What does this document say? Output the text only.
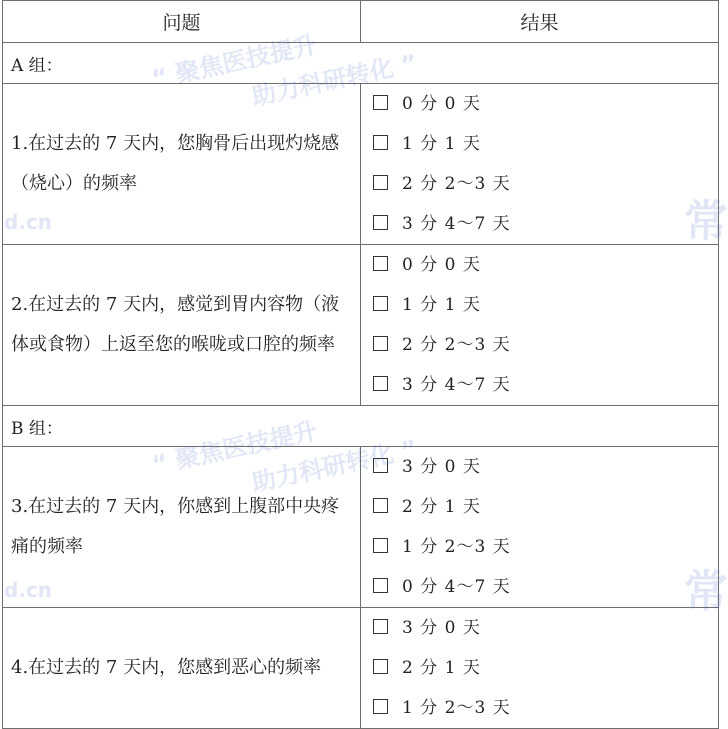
问题	结果
A 组：	
1.在过去的 7 天内，您胸骨后出现灼烧感（烧心）的频率	0 分 0 天
1 分 1 天
2 分 2～3 天
3 分 4～7 天

2.在过去的 7 天内，感觉到胃内容物（液体或食物）上返至您的喉咙或口腔的频率	0 分 0 天
1 分 1 天
2 分 2～3 天
3 分 4～7 天

B 组：	
3.在过去的 7 天内，你感到上腹部中央疼痛的频率	3 分 0 天
2 分 1 天
1 分 2～3 天
0 分 4～7 天

4.在过去的 7 天内，您感到恶心的频率	3 分 0 天
2 分 1 天
1 分 2～3 天
“ 聚焦医技提升
助力科研转化 ”
“ 聚焦医技提升
助力科研转化 ”
d.cn
d.cn
常
常
